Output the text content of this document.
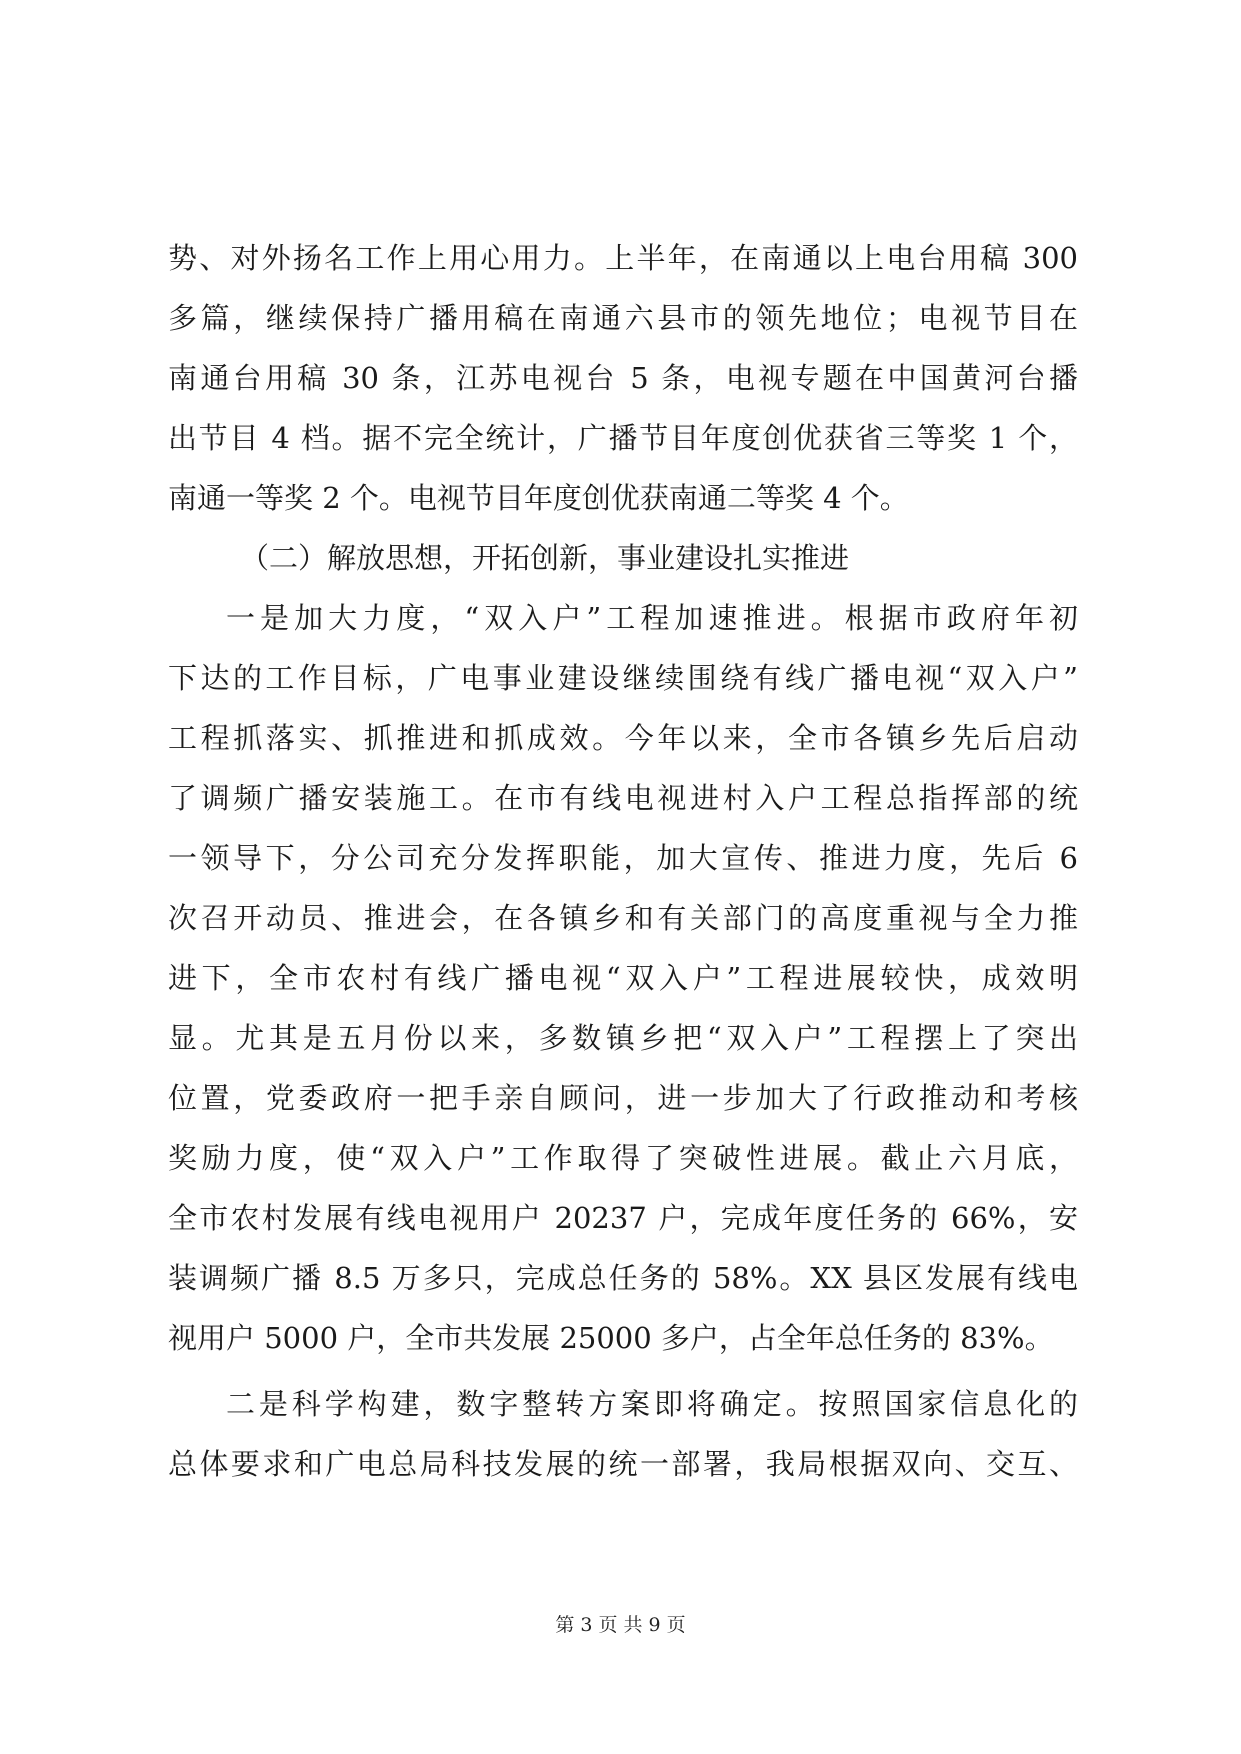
势、对外扬名工作上用心用力。上半年，在南通以上电台用稿 300
多篇，继续保持广播用稿在南通六县市的领先地位；电视节目在
南通台用稿 30 条，江苏电视台 5 条，电视专题在中国黄河台播
出节目 4 档。据不完全统计，广播节目年度创优获省三等奖 1 个，
南通一等奖 2 个。电视节目年度创优获南通二等奖 4 个。
（二）解放思想，开拓创新，事业建设扎实推进
一是加大力度，“双入户”工程加速推进。根据市政府年初
下达的工作目标，广电事业建设继续围绕有线广播电视“双入户”
工程抓落实、抓推进和抓成效。今年以来，全市各镇乡先后启动
了调频广播安装施工。在市有线电视进村入户工程总指挥部的统
一领导下，分公司充分发挥职能，加大宣传、推进力度，先后 6
次召开动员、推进会，在各镇乡和有关部门的高度重视与全力推
进下，全市农村有线广播电视“双入户”工程进展较快，成效明
显。尤其是五月份以来，多数镇乡把“双入户”工程摆上了突出
位置，党委政府一把手亲自顾问，进一步加大了行政推动和考核
奖励力度，使“双入户”工作取得了突破性进展。截止六月底，
全市农村发展有线电视用户 20237 户，完成年度任务的 66%，安
装调频广播 8.5 万多只，完成总任务的 58%。XX 县区发展有线电
视用户 5000 户，全市共发展 25000 多户，占全年总任务的 83%。
二是科学构建，数字整转方案即将确定。按照国家信息化的
总体要求和广电总局科技发展的统一部署，我局根据双向、交互、
第 3 页 共 9 页
